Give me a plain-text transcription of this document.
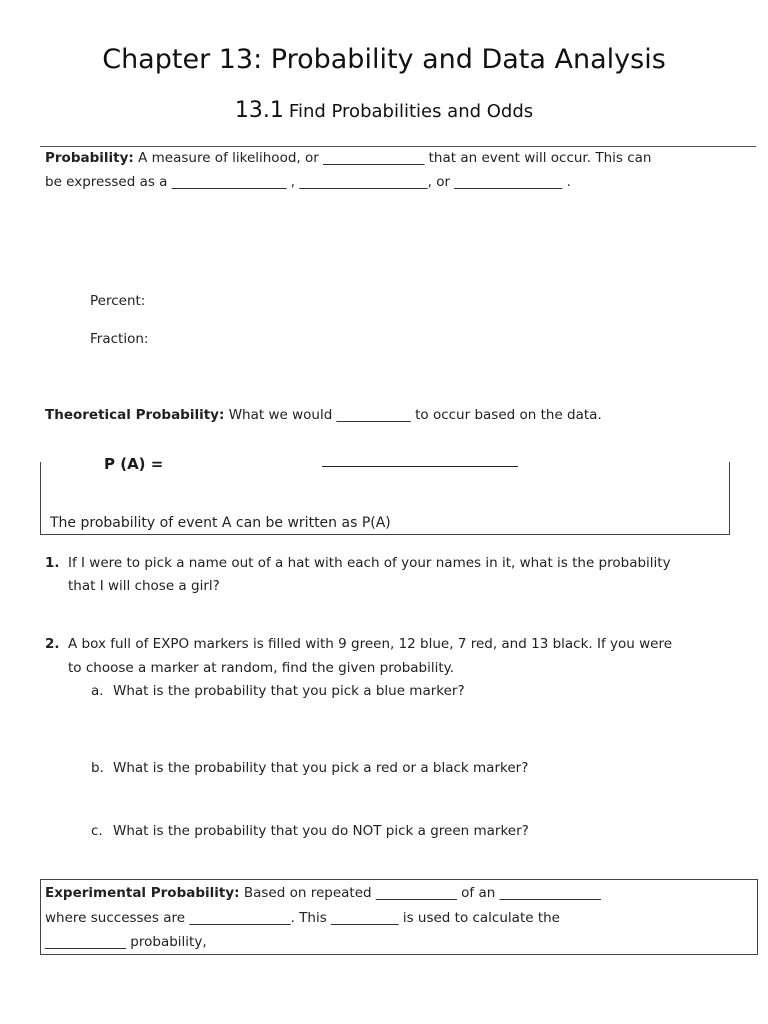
Chapter 13: Probability and Data Analysis
13.1 Find Probabilities and Odds
Probability: A measure of likelihood, or _______________ that an event will occur. This can
be expressed as a _________________ , ___________________, or ________________ .
Percent:
Fraction:
Theoretical Probability: What we would ___________ to occur based on the data.
P (A) =
The probability of event A can be written as P(A)
1. If I were to pick a name out of a hat with each of your names in it, what is the probability
that I will chose a girl?
2. A box full of EXPO markers is filled with 9 green, 12 blue, 7 red, and 13 black. If you were
to choose a marker at random, find the given probability.
a. What is the probability that you pick a blue marker?
b. What is the probability that you pick a red or a black marker?
c. What is the probability that you do NOT pick a green marker?
Experimental Probability: Based on repeated ____________ of an _______________
where successes are _______________. This __________ is used to calculate the
____________ probability,
